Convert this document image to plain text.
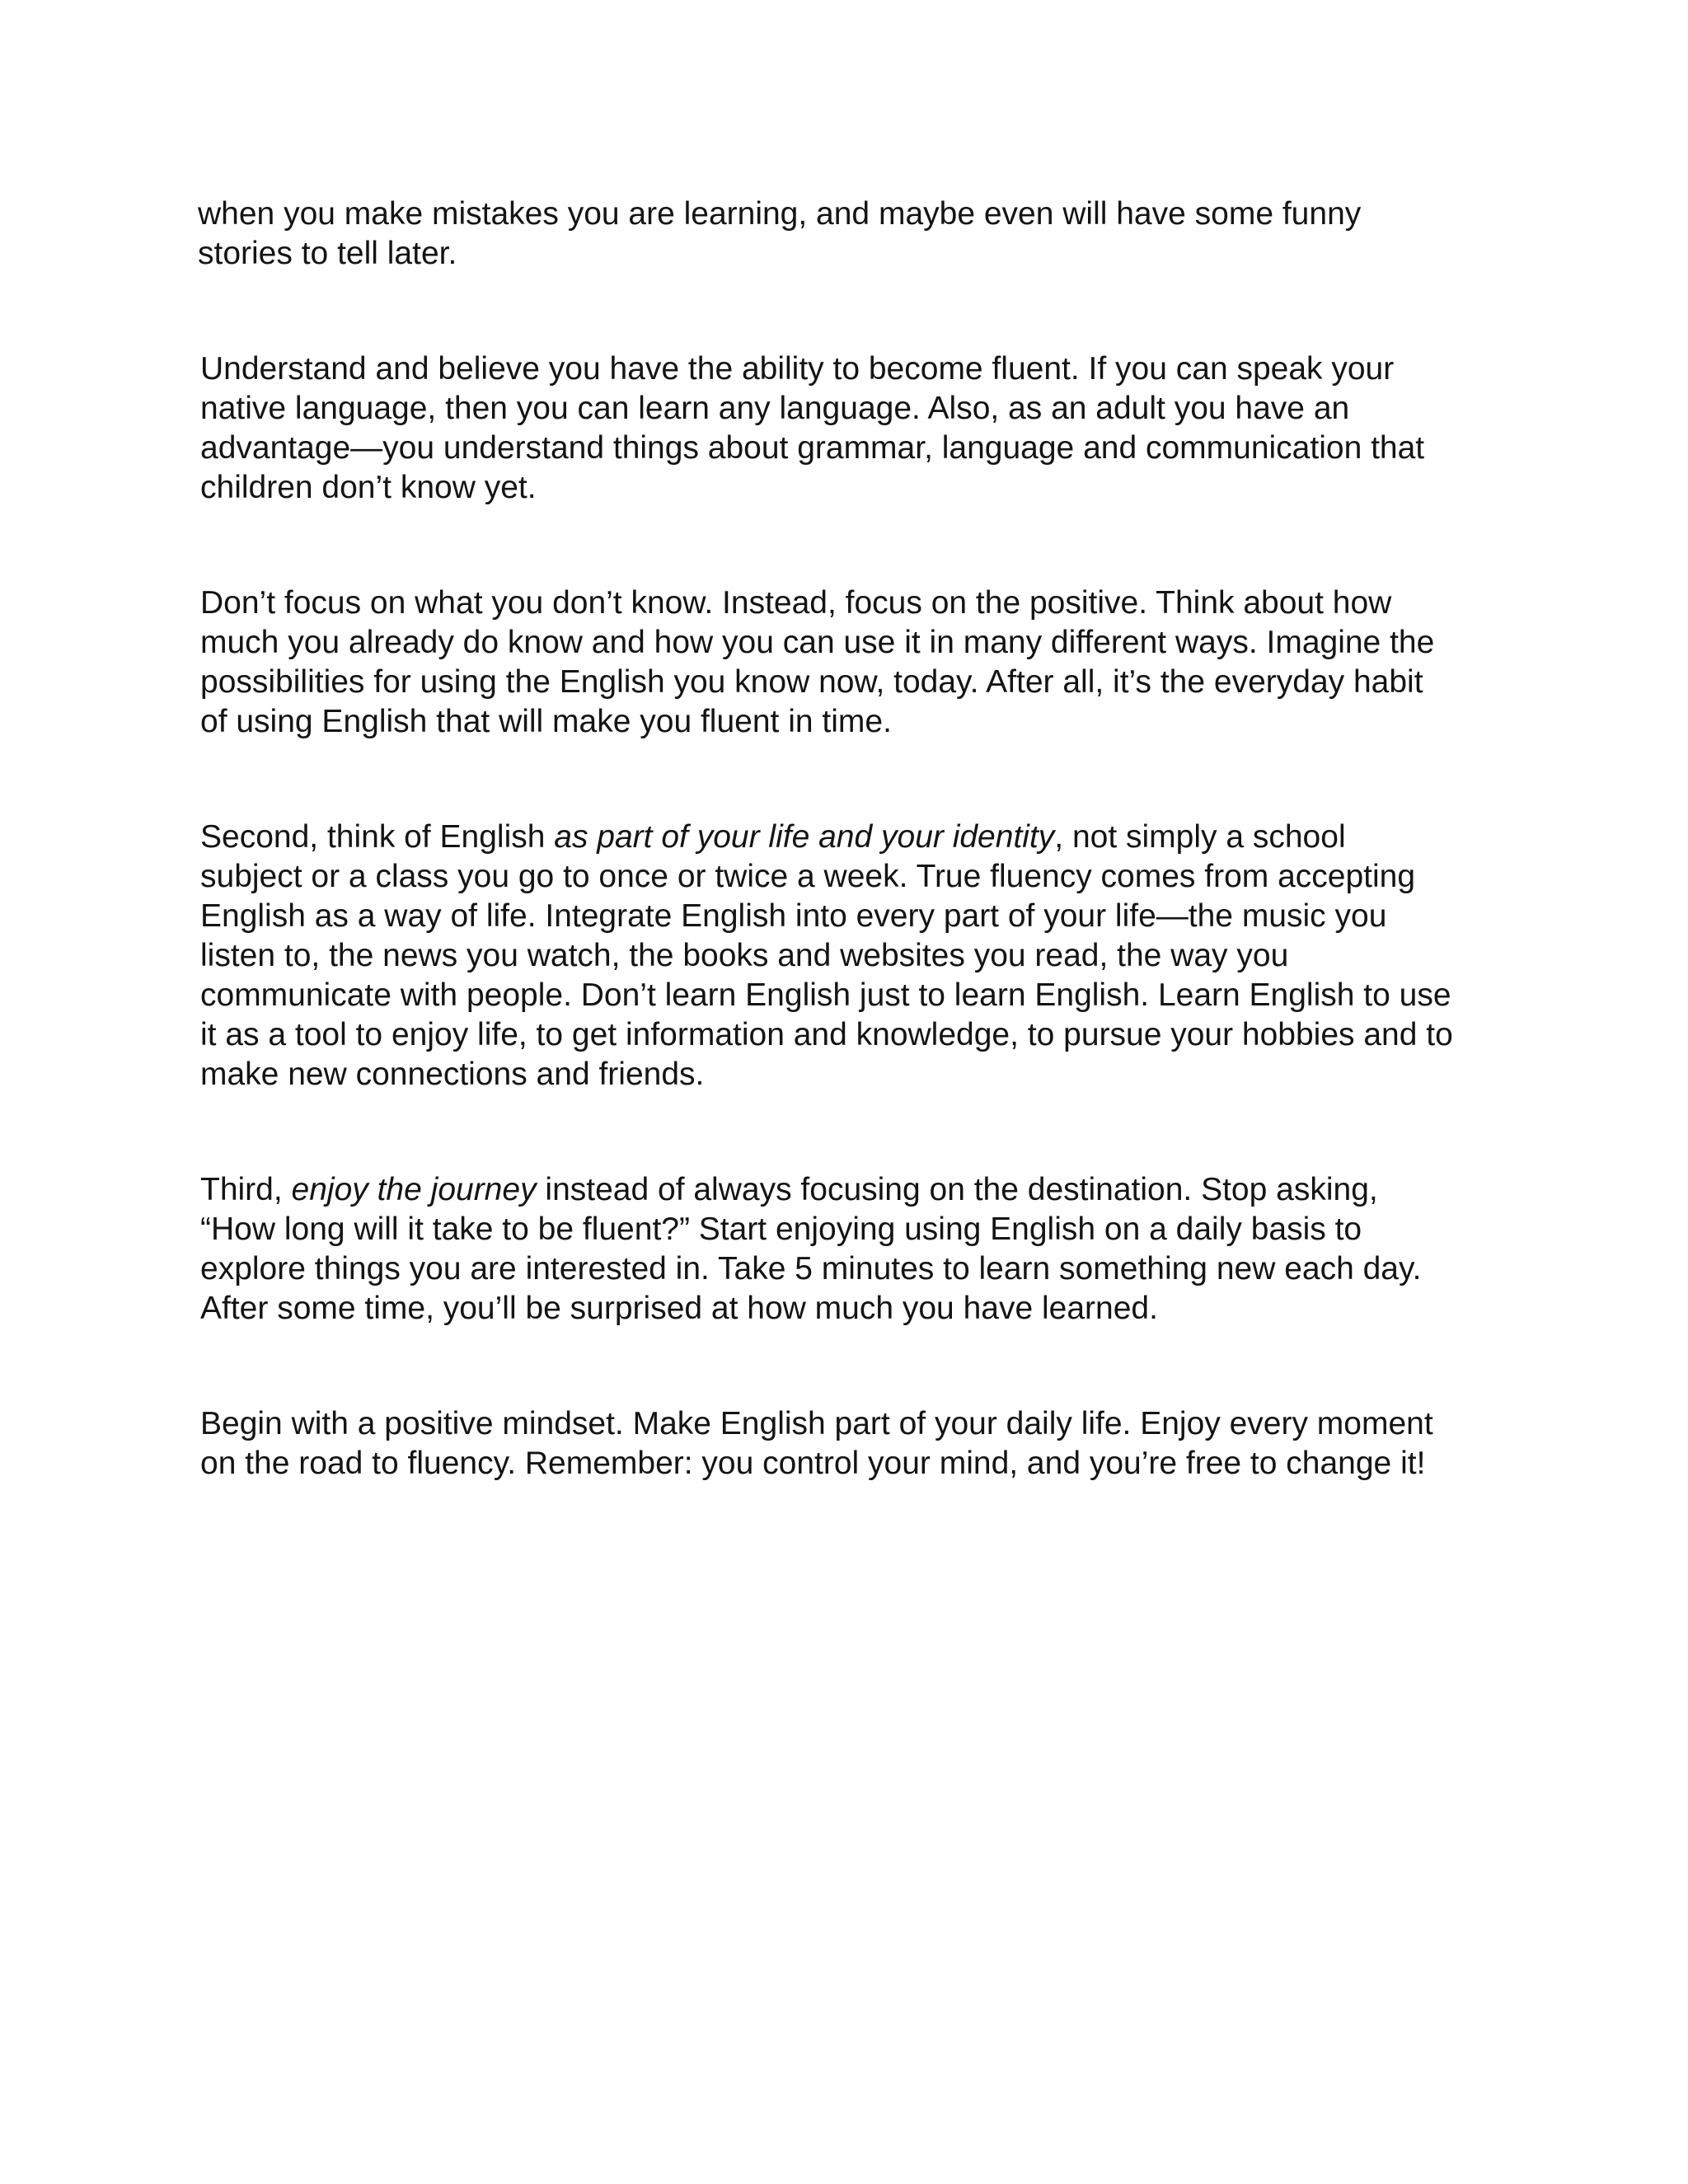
when you make mistakes you are learning, and maybe even will have some funny
stories to tell later.

Understand and believe you have the ability to become fluent. If you can speak your
native language, then you can learn any language. Also, as an adult you have an
advantage—you understand things about grammar, language and communication that
children don’t know yet.

Don’t focus on what you don’t know. Instead, focus on the positive. Think about how
much you already do know and how you can use it in many different ways. Imagine the
possibilities for using the English you know now, today. After all, it’s the everyday habit
of using English that will make you fluent in time.

Second, think of English as part of your life and your identity, not simply a school
subject or a class you go to once or twice a week. True fluency comes from accepting
English as a way of life. Integrate English into every part of your life—the music you
listen to, the news you watch, the books and websites you read, the way you
communicate with people. Don’t learn English just to learn English. Learn English to use
it as a tool to enjoy life, to get information and knowledge, to pursue your hobbies and to
make new connections and friends.

Third, enjoy the journey instead of always focusing on the destination. Stop asking,
“How long will it take to be fluent?” Start enjoying using English on a daily basis to
explore things you are interested in. Take 5 minutes to learn something new each day.
After some time, you’ll be surprised at how much you have learned.

Begin with a positive mindset. Make English part of your daily life. Enjoy every moment
on the road to fluency. Remember: you control your mind, and you’re free to change it!
